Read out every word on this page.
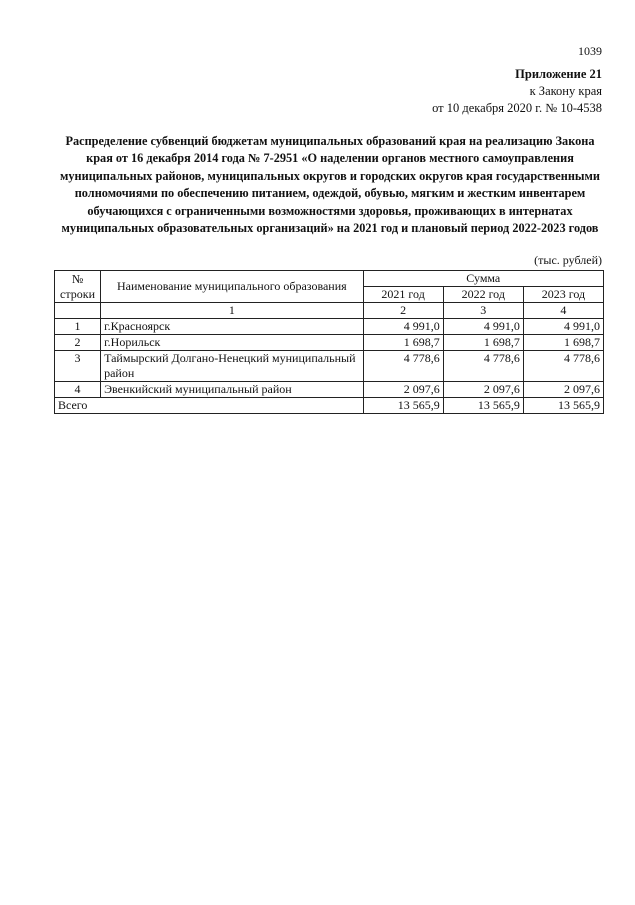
1039
Приложение 21
к Закону края
от 10 декабря 2020 г. № 10-4538
Распределение субвенций бюджетам муниципальных образований края на реализацию Закона края от 16 декабря 2014 года № 7-2951 «О наделении органов местного самоуправления муниципальных районов, муниципальных округов и городских округов края государственными полномочиями по обеспечению питанием, одеждой, обувью, мягким и жестким инвентарем обучающихся с ограниченными возможностями здоровья, проживающих в интернатах муниципальных образовательных организаций» на 2021 год и плановый период 2022-2023 годов
(тыс. рублей)
№ строки	Наименование муниципального образования	Сумма		
		2021 год	2022 год	2023 год
	1	2	3	4
1	г.Красноярск	4 991,0	4 991,0	4 991,0
2	г.Норильск	1 698,7	1 698,7	1 698,7
3	Таймырский Долгано-Ненецкий муниципальный район	4 778,6	4 778,6	4 778,6
4	Эвенкийский муниципальный район	2 097,6	2 097,6	2 097,6
Всего		13 565,9	13 565,9	13 565,9
